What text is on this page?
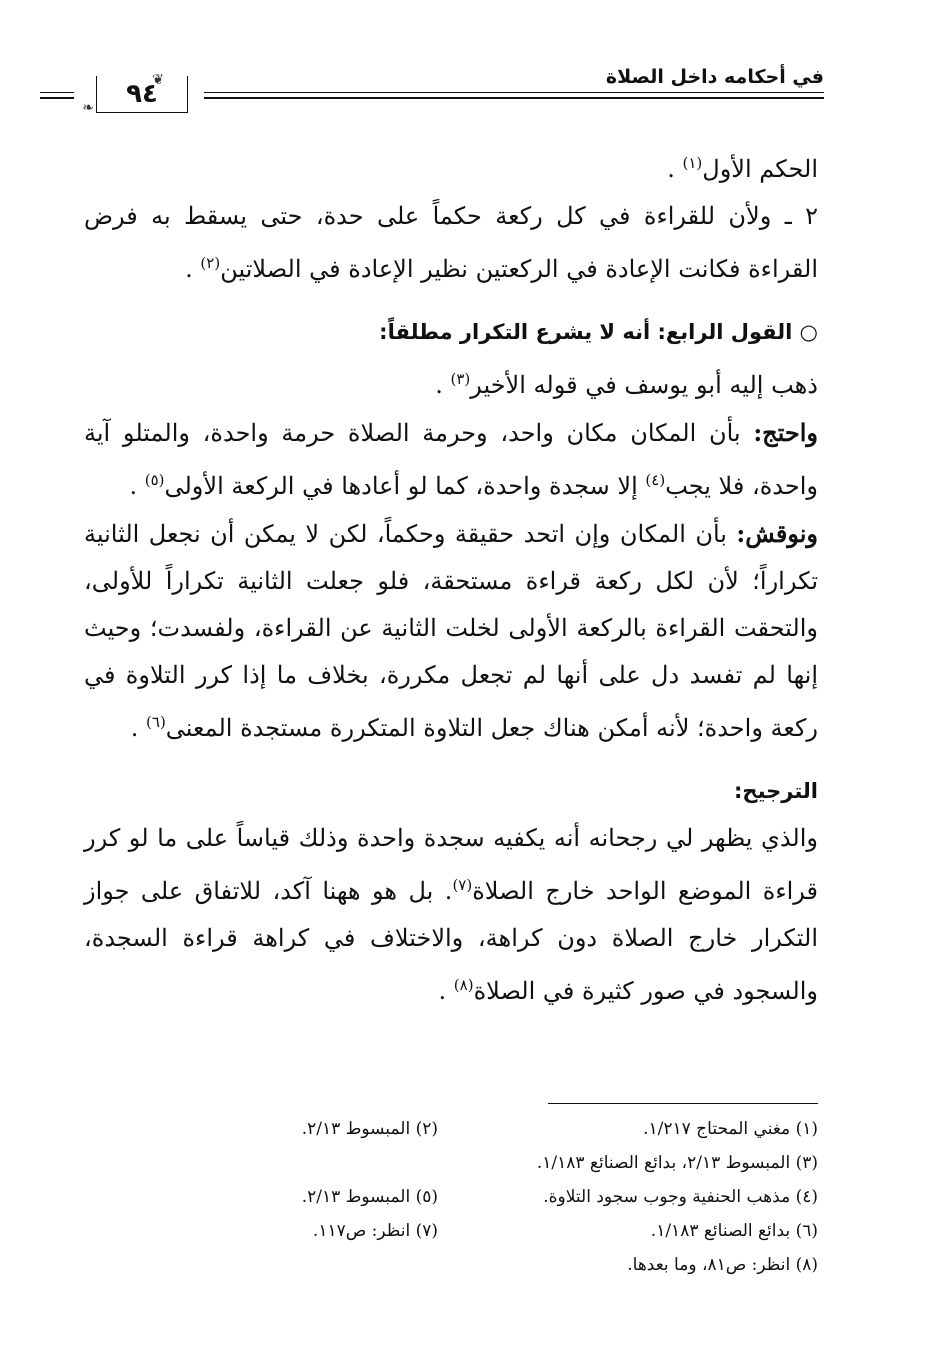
في أحكامه داخل الصلاة
٩٤
❦
❧

الحكم الأول$^{(١)}$ .

٢ ـ ولأن للقراءة في كل ركعة حكماً على حدة، حتى يسقط به فرض القراءة فكانت الإعادة في الركعتين نظير الإعادة في الصلاتين$^{(٢)}$ .

○ القول الرابع: أنه لا يشرع التكرار مطلقاً:

ذهب إليه أبو يوسف في قوله الأخير$^{(٣)}$ .

واحتج: بأن المكان مكان واحد، وحرمة الصلاة حرمة واحدة، والمتلو آية واحدة، فلا يجب$^{(٤)}$ إلا سجدة واحدة، كما لو أعادها في الركعة الأولى$^{(٥)}$ .

ونوقش: بأن المكان وإن اتحد حقيقة وحكماً، لكن لا يمكن أن نجعل الثانية تكراراً؛ لأن لكل ركعة قراءة مستحقة، فلو جعلت الثانية تكراراً للأولى، والتحقت القراءة بالركعة الأولى لخلت الثانية عن القراءة، ولفسدت؛ وحيث إنها لم تفسد دل على أنها لم تجعل مكررة، بخلاف ما إذا كرر التلاوة في ركعة واحدة؛ لأنه أمكن هناك جعل التلاوة المتكررة مستجدة المعنى$^{(٦)}$ .

الترجيح:

والذي يظهر لي رجحانه أنه يكفيه سجدة واحدة وذلك قياساً على ما لو كرر قراءة الموضع الواحد خارج الصلاة$^{(٧)}$. بل هو ههنا آكد، للاتفاق على جواز التكرار خارج الصلاة دون كراهة، والاختلاف في كراهة قراءة السجدة، والسجود في صور كثيرة في الصلاة$^{(٨)}$ .

(١) مغني المحتاج ١/٢١٧.
(٢) المبسوط ٢/١٣.
(٣) المبسوط ٢/١٣، بدائع الصنائع ١/١٨٣.
(٤) مذهب الحنفية وجوب سجود التلاوة.
(٥) المبسوط ٢/١٣.
(٦) بدائع الصنائع ١/١٨٣.
(٧) انظر: ص١١٧.
(٨) انظر: ص٨١، وما بعدها.
